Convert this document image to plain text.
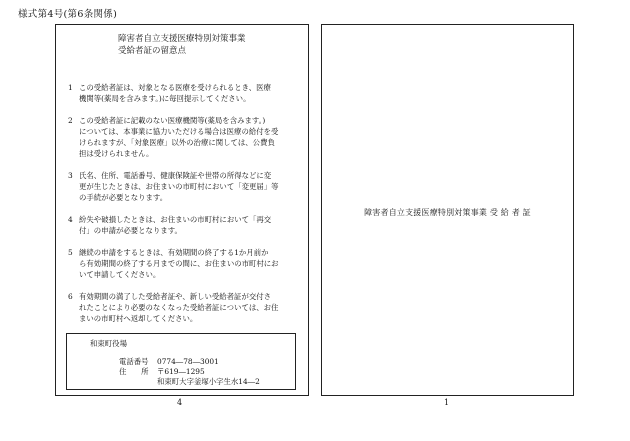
様式第4号(第6条関係)
障害者自立支援医療特別対策事業
受給者証の留意点
1 この受給者証は、対象となる医療を受けられるとき、医療
機関等(薬局を含みます。)に毎回提示してください。
2 この受給者証に記載のない医療機関等(薬局を含みます。)
については、本事業に協力いただける場合は医療の給付を受
けられますが、「対象医療」以外の治療に関しては、公費負
担は受けられません。
3 氏名、住所、電話番号、健康保険証や世帯の所得などに変
更が生じたときは、お住まいの市町村において「変更届」等
の手続が必要となります。
4 紛失や破損したときは、お住まいの市町村において「再交
付」の申請が必要となります。
5 継続の申請をするときは、有効期間の終了する1か月前か
ら有効期間の終了する月までの間に、お住まいの市町村にお
いて申請してください。
6 有効期間の満了した受給者証や、新しい受給者証が交付さ
れたことにより必要のなくなった受給者証については、お住
まいの市町村へ返却してください。
和束町役場
電話番号 0774―78―3001
住　　所 〒619―1295
和束町大字釜塚小字生水14―2
障害者自立支援医療特別対策事業 受 給 者 証
4	1
